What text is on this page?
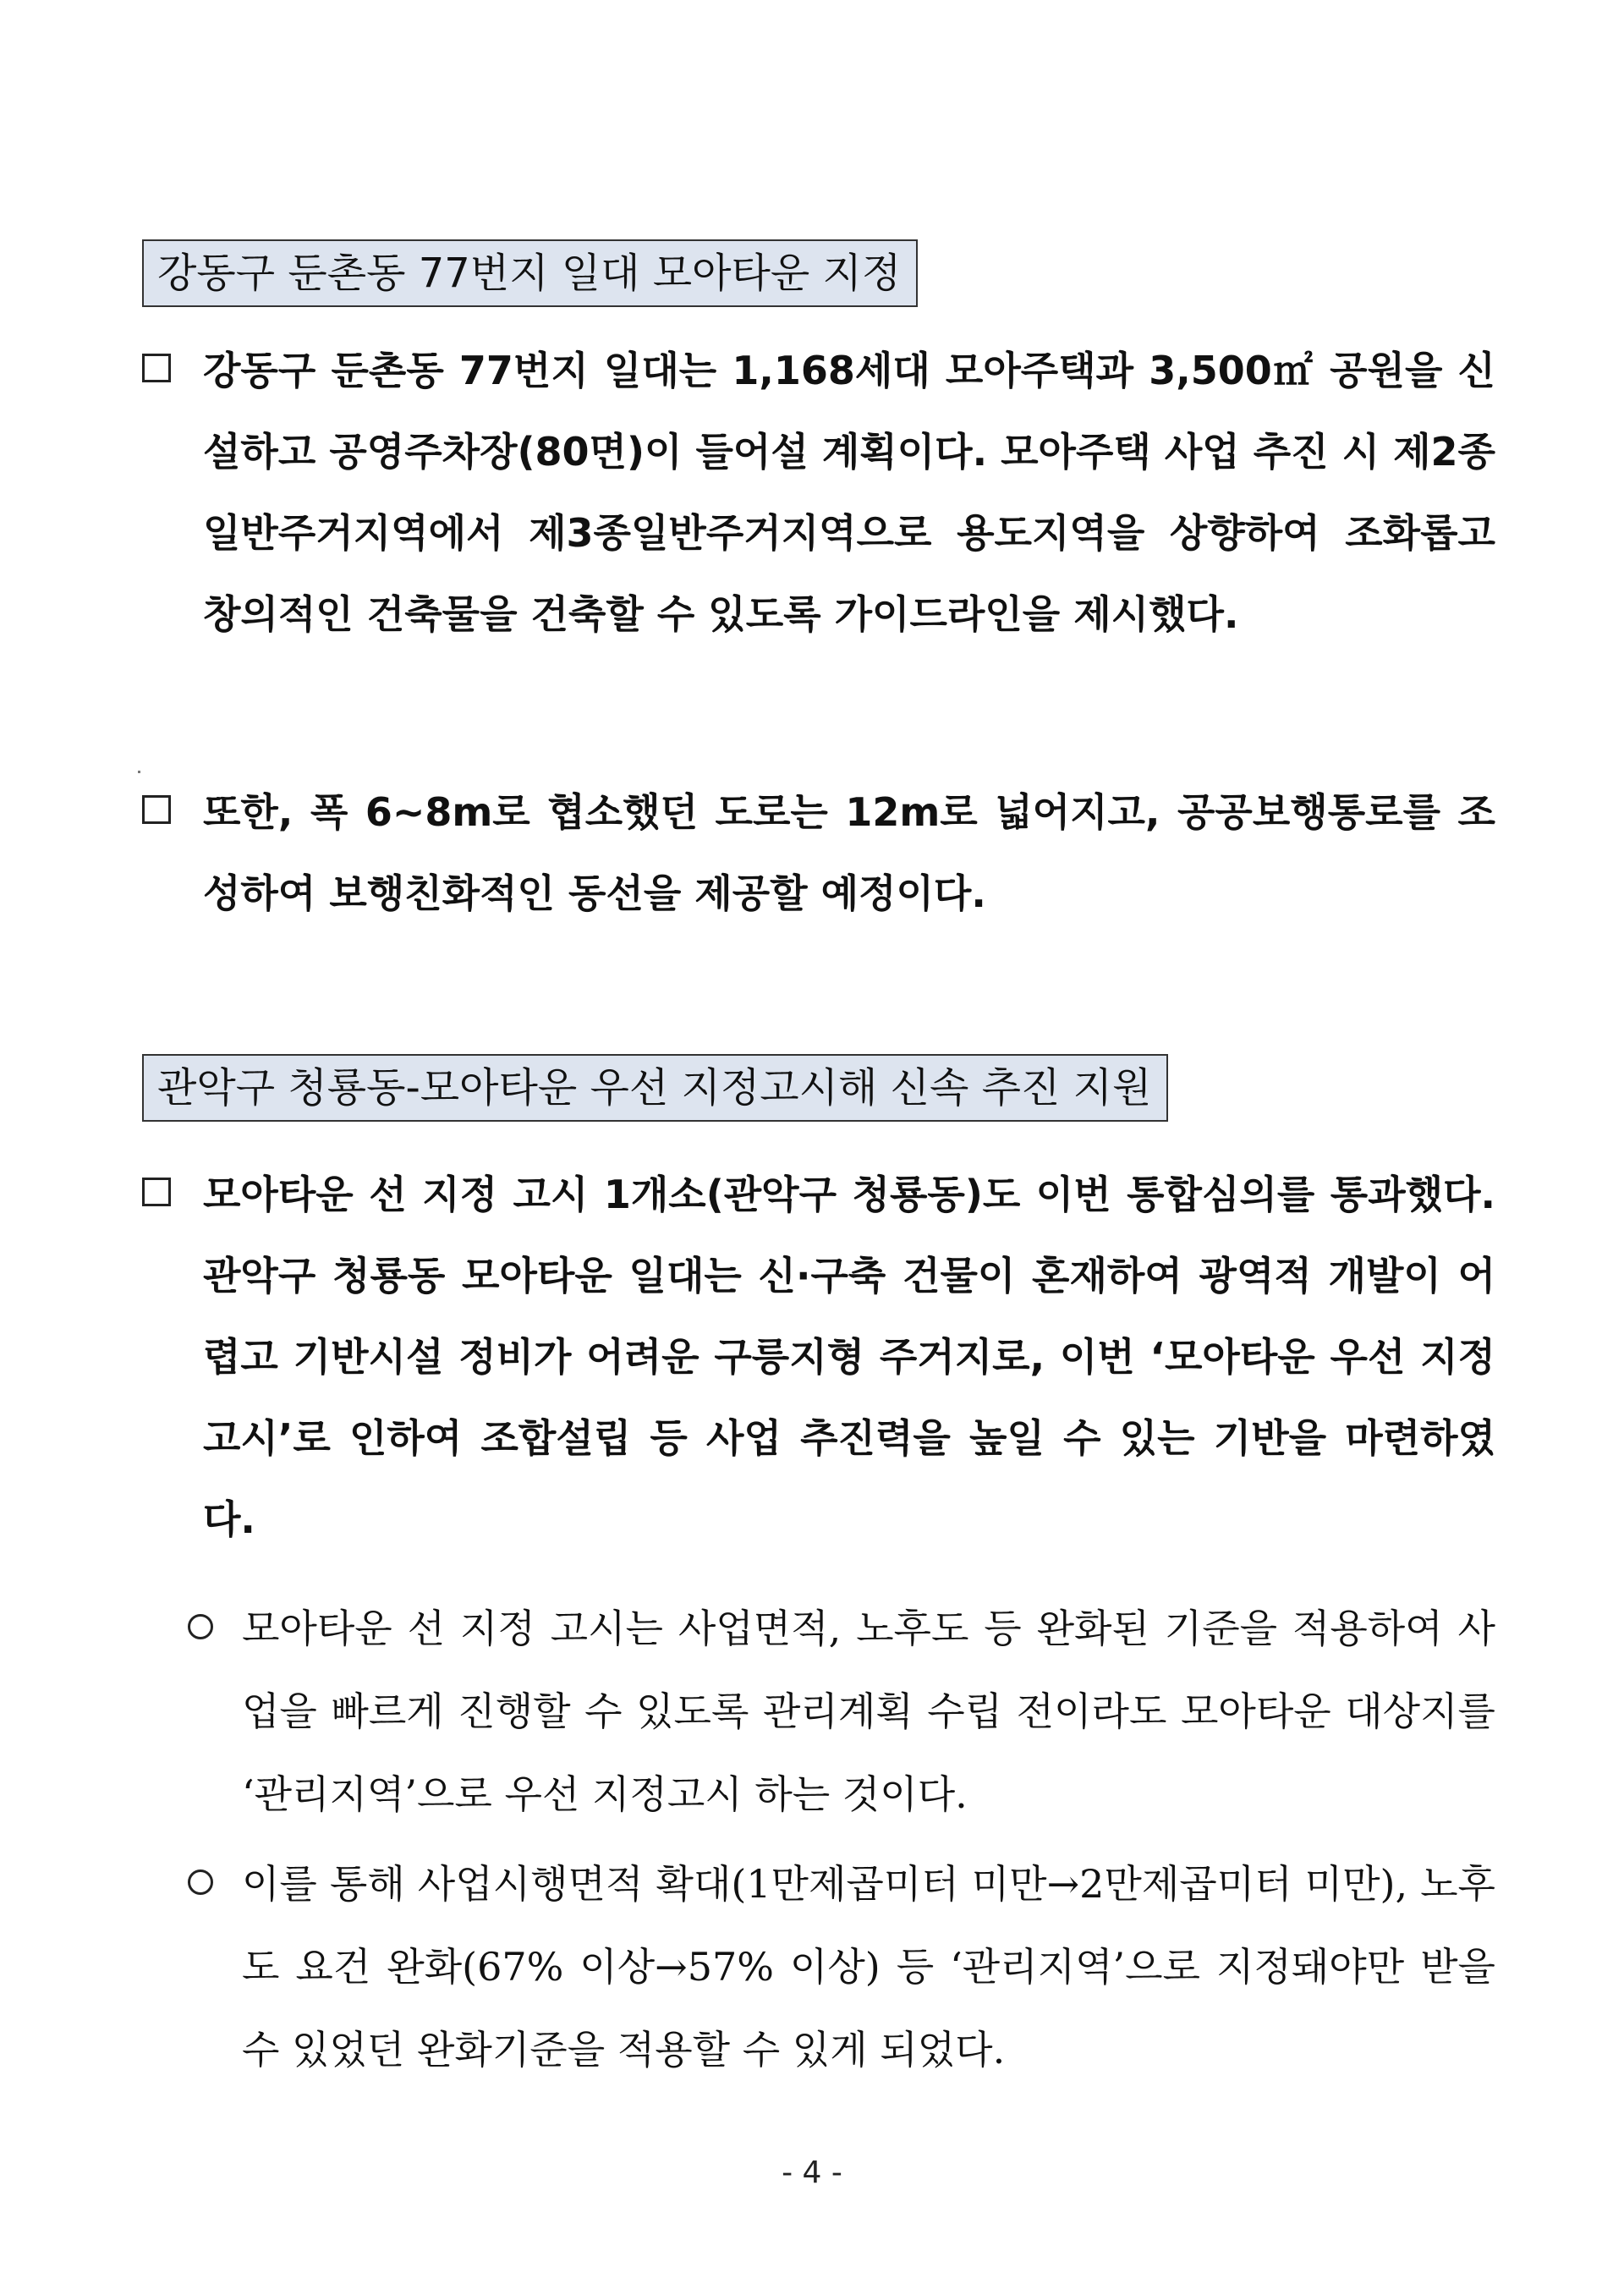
강동구 둔촌동 77번지 일대 모아타운 지정
강동구 둔촌동 77번지 일대는 1,168세대 모아주택과 3,500㎡ 공원을 신설하고 공영주차장(80면)이 들어설 계획이다. 모아주택 사업 추진 시 제2종일반주거지역에서 제3종일반주거지역으로 용도지역을 상향하여 조화롭고 창의적인 건축물을 건축할 수 있도록 가이드라인을 제시했다.
또한, 폭 6~8m로 협소했던 도로는 12m로 넓어지고, 공공보행통로를 조성하여 보행친화적인 동선을 제공할 예정이다.
관악구 청룡동-모아타운 우선 지정고시해 신속 추진 지원
모아타운 선 지정 고시 1개소(관악구 청룡동)도 이번 통합심의를 통과했다. 관악구 청룡동 모아타운 일대는 신·구축 건물이 혼재하여 광역적 개발이 어렵고 기반시설 정비가 어려운 구릉지형 주거지로, 이번 ‘모아타운 우선 지정고시’로 인하여 조합설립 등 사업 추진력을 높일 수 있는 기반을 마련하였다.
모아타운 선 지정 고시는 사업면적, 노후도 등 완화된 기준을 적용하여 사업을 빠르게 진행할 수 있도록 관리계획 수립 전이라도 모아타운 대상지를 ‘관리지역’으로 우선 지정고시 하는 것이다.
이를 통해 사업시행면적 확대(1만제곱미터 미만→2만제곱미터 미만), 노후도 요건 완화(67% 이상→57% 이상) 등 ‘관리지역’으로 지정돼야만 받을 수 있었던 완화기준을 적용할 수 있게 되었다.
- 4 -
